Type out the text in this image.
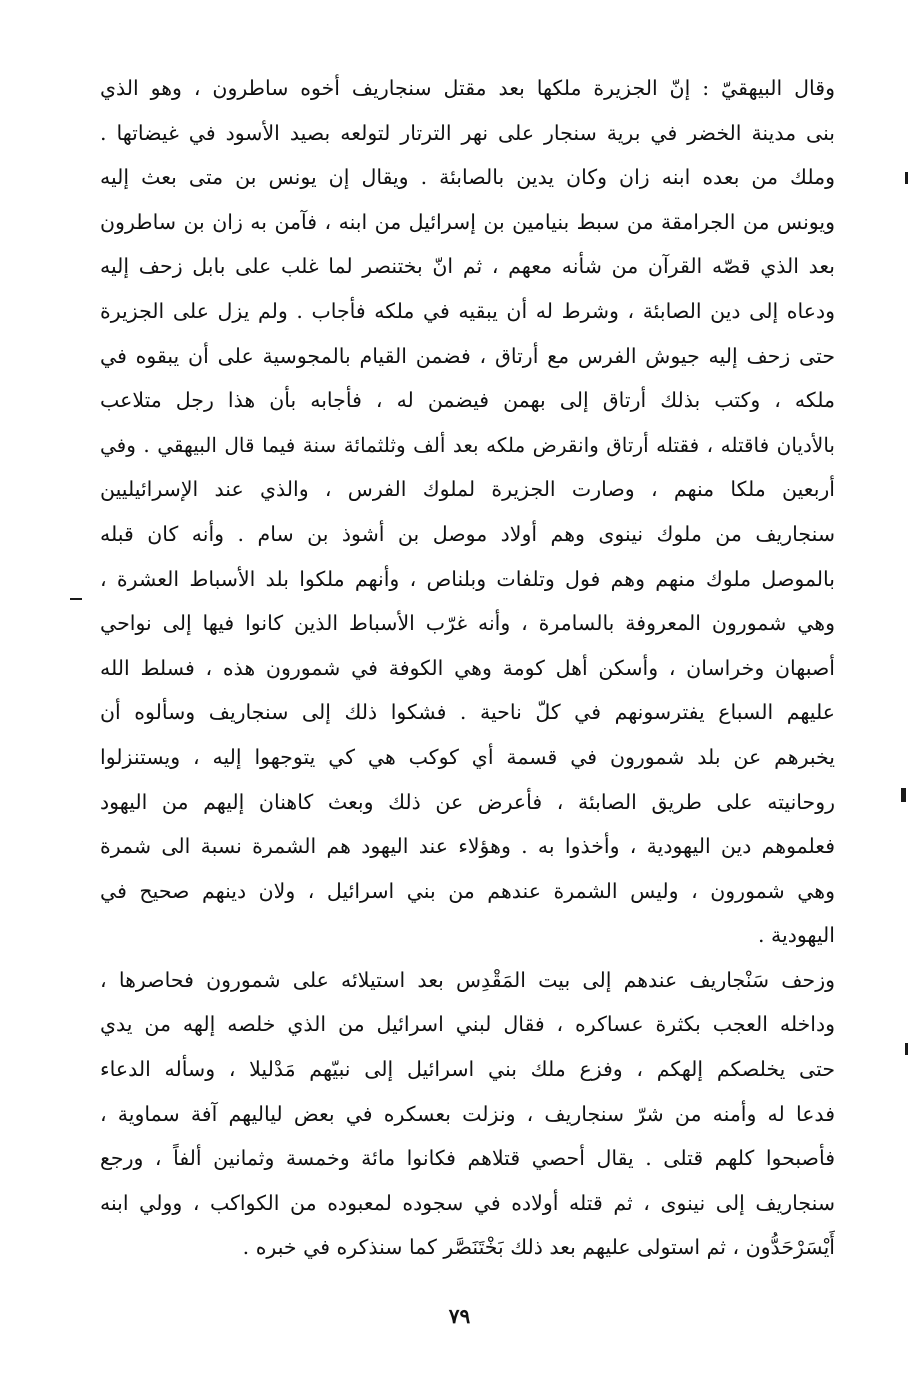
وقال البيهقيّ : إنّ الجزيرة ملكها بعد مقتل سنجاريف أخوه ساطرون ، وهو الذي
بنى مدينة الخضر في برية سنجار على نهر الترتار لتولعه بصيد الأسود في غيضاتها .
وملك من بعده ابنه زان وكان يدين بالصابئة . ويقال إن يونس بن متى بعث إليه
ويونس من الجرامقة من سبط بنيامين بن إسرائيل من ابنه ، فآمن به زان بن ساطرون
بعد الذي قصّه القرآن من شأنه معهم ، ثم انّ بختنصر لما غلب على بابل زحف إليه
ودعاه إلى دين الصابئة ، وشرط له أن يبقيه في ملكه فأجاب . ولم يزل على الجزيرة
حتى زحف إليه جيوش الفرس مع أرتاق ، فضمن القيام بالمجوسية على أن يبقوه في
ملكه ، وكتب بذلك أرتاق إلى بهمن فيضمن له ، فأجابه بأن هذا رجل متلاعب
بالأديان فاقتله ، فقتله أرتاق وانقرض ملكه بعد ألف وثلثمائة سنة فيما قال البيهقي . وفي
أربعين ملكا منهم ، وصارت الجزيرة لملوك الفرس ، والذي عند الإسرائيليين
سنجاريف من ملوك نينوى وهم أولاد موصل بن أشوذ بن سام . وأنه كان قبله
بالموصل ملوك منهم وهم فول وتلفات وبلناص ، وأنهم ملكوا بلد الأسباط العشرة ،
وهي شمورون المعروفة بالسامرة ، وأنه غرّب الأسباط الذين كانوا فيها إلى نواحي
أصبهان وخراسان ، وأسكن أهل كومة وهي الكوفة في شمورون هذه ، فسلط الله
عليهم السباع يفترسونهم في كلّ ناحية . فشكوا ذلك إلى سنجاريف وسألوه أن
يخبرهم عن بلد شمورون في قسمة أي كوكب هي كي يتوجهوا إليه ، ويستنزلوا
روحانيته على طريق الصابئة ، فأعرض عن ذلك وبعث كاهنان إليهم من اليهود
فعلموهم دين اليهودية ، وأخذوا به . وهؤلاء عند اليهود هم الشمرة نسبة الى شمرة
وهي شمورون ، وليس الشمرة عندهم من بني اسرائيل ، ولان دينهم صحيح في
اليهودية .
وزحف سَنْجاريف عندهم إلى بيت المَقْدِس بعد استيلائه على شمورون فحاصرها ،
وداخله العجب بكثرة عساكره ، فقال لبني اسرائيل من الذي خلصه إلهه من يدي
حتى يخلصكم إلهكم ، وفزع ملك بني اسرائيل إلى نبيّهم مَدْليلا ، وسأله الدعاء
فدعا له وأمنه من شرّ سنجاريف ، ونزلت بعسكره في بعض لياليهم آفة سماوية ،
فأصبحوا كلهم قتلى . يقال أحصي قتلاهم فكانوا مائة وخمسة وثمانين ألفاً ، ورجع
سنجاريف إلى نينوى ، ثم قتله أولاده في سجوده لمعبوده من الكواكب ، وولي ابنه
أَيْسَرْحَدُّون ، ثم استولى عليهم بعد ذلك بَخْتَنَصَّر كما سنذكره في خبره .
٧٩
